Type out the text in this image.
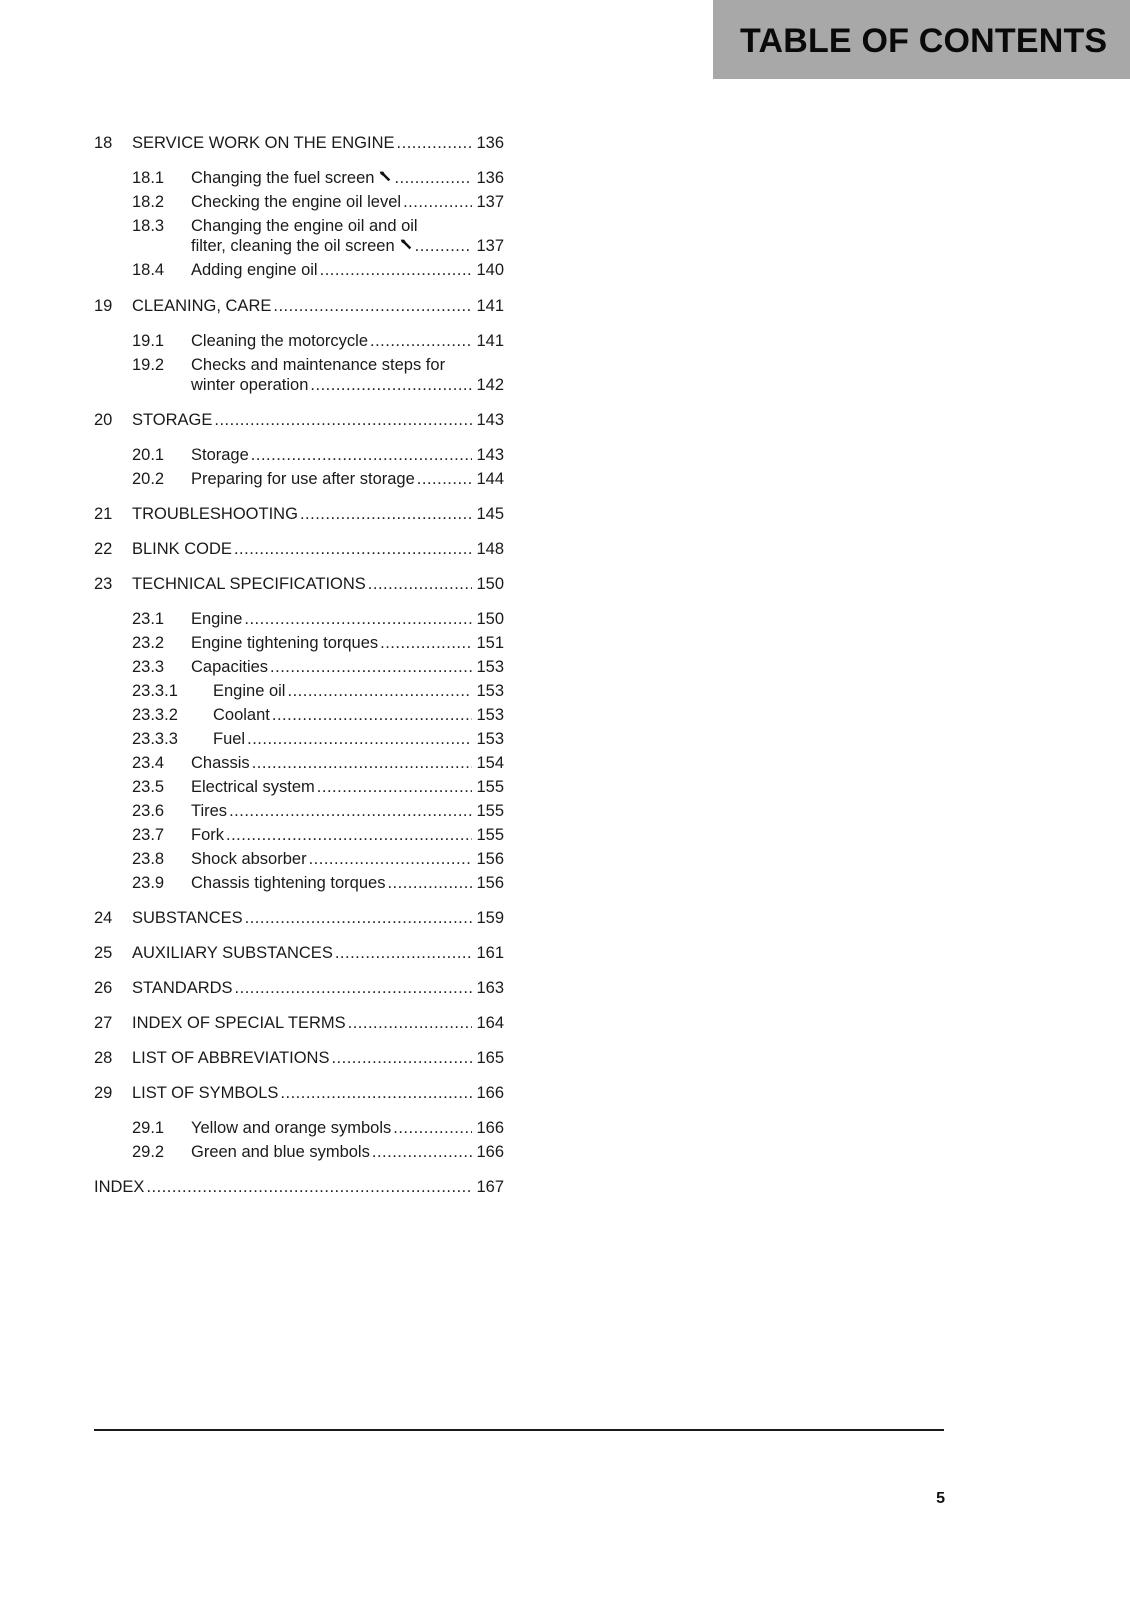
TABLE OF CONTENTS
18 SERVICE WORK ON THE ENGINE .....	136
18.1 Changing the fuel screen .....	136
18.2 Checking the engine oil level .....	137
18.3 Changing the engine oil and oil
filter, cleaning the oil screen .....	137
18.4 Adding engine oil .....	140
19 CLEANING, CARE .....	141
19.1 Cleaning the motorcycle .....	141
19.2 Checks and maintenance steps for
winter operation .....	142
20 STORAGE .....	143
20.1 Storage .....	143
20.2 Preparing for use after storage .....	144
21 TROUBLESHOOTING .....	145
22 BLINK CODE .....	148
23 TECHNICAL SPECIFICATIONS .....	150
23.1 Engine .....	150
23.2 Engine tightening torques .....	151
23.3 Capacities .....	153
23.3.1 Engine oil .....	153
23.3.2 Coolant .....	153
23.3.3 Fuel .....	153
23.4 Chassis .....	154
23.5 Electrical system .....	155
23.6 Tires .....	155
23.7 Fork .....	155
23.8 Shock absorber .....	156
23.9 Chassis tightening torques .....	156
24 SUBSTANCES .....	159
25 AUXILIARY SUBSTANCES .....	161
26 STANDARDS .....	163
27 INDEX OF SPECIAL TERMS .....	164
28 LIST OF ABBREVIATIONS .....	165
29 LIST OF SYMBOLS .....	166
29.1 Yellow and orange symbols .....	166
29.2 Green and blue symbols .....	166
INDEX .....	167
5
